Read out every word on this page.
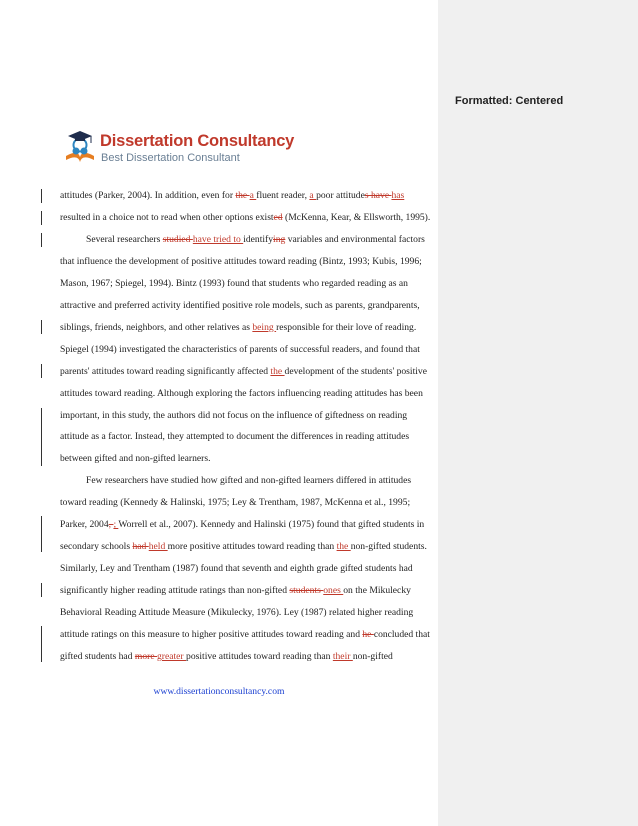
Formatted: Centered
Dissertation Consultancy
Best Dissertation Consultant
attitudes (Parker, 2004). In addition, even for the a fluent reader, a poor attitudes have has
resulted in a choice not to read when other options existed (McKenna, Kear, & Ellsworth, 1995).
Several researchers studied have tried to identifying variables and environmental factors
that influence the development of positive attitudes toward reading (Bintz, 1993; Kubis, 1996;
Mason, 1967; Spiegel, 1994). Bintz (1993) found that students who regarded reading as an
attractive and preferred activity identified positive role models, such as parents, grandparents,
siblings, friends, neighbors, and other relatives as being responsible for their love of reading.
Spiegel (1994) investigated the characteristics of parents of successful readers, and found that
parents' attitudes toward reading significantly affected the development of the students' positive
attitudes toward reading. Although exploring the factors influencing reading attitudes has been
important, in this study, the authors did not focus on the influence of giftedness on reading
attitude as a factor. Instead, they attempted to document the differences in reading attitudes
between gifted and non-gifted learners.
Few researchers have studied how gifted and non-gifted learners differed in attitudes
toward reading (Kennedy & Halinski, 1975; Ley & Trentham, 1987, McKenna et al., 1995;
Parker, 2004, ; Worrell et al., 2007). Kennedy and Halinski (1975) found that gifted students in
secondary schools had held more positive attitudes toward reading than the non-gifted students.
Similarly, Ley and Trentham (1987) found that seventh and eighth grade gifted students had
significantly higher reading attitude ratings than non-gifted students ones on the Mikulecky
Behavioral Reading Attitude Measure (Mikulecky, 1976). Ley (1987) related higher reading
attitude ratings on this measure to higher positive attitudes toward reading and he concluded that
gifted students had more greater positive attitudes toward reading than their non-gifted
www.dissertationconsultancy.com
